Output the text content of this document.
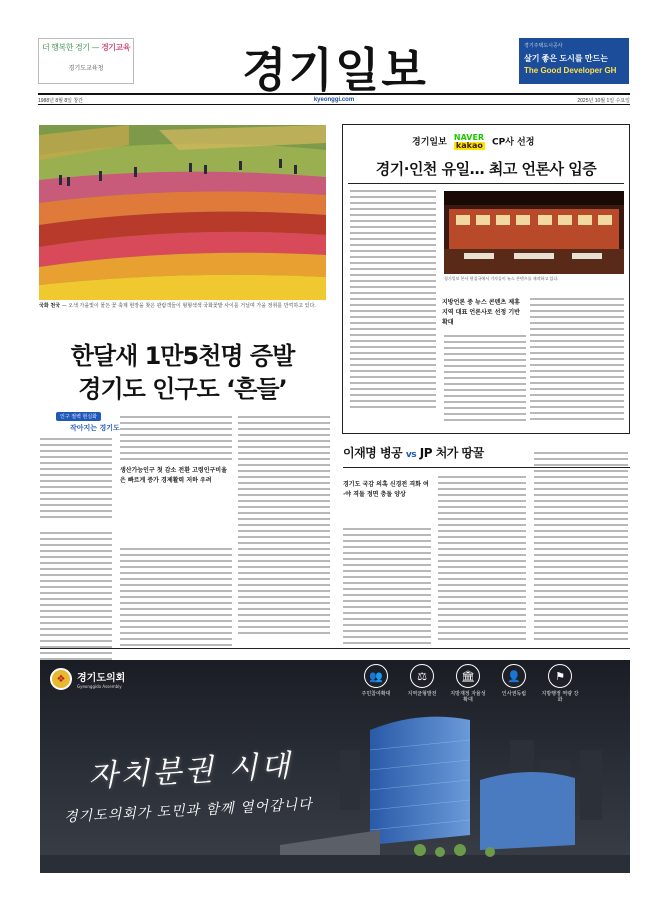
더 행복한 경기 — 경기교육
경기도교육청	경기일보	경기주택도시공사
살기 좋은 도시를 만드는
The Good Developer GH
1988년 8월 8일 창간	kyeonggi.com	2025년 10월 1일 수요일
국화 천국 — 오색 가을빛이 물든 꽃 축제 현장을 찾은 관람객들이 형형색색 국화꽃밭 사이를 거닐며 가을 정취를 만끽하고 있다.
한달새 1만5천명 증발
경기도 인구도 ‘흔들’
경기일보 NAVER
kakao CP사 선정
경기·인천 유일… 최고 언론사 입증
경기일보 본사 편집국에서 기자들이 뉴스 콘텐츠를 제작하고 있다.
지방언론 중 뉴스 콘텐츠 제휴 지역 대표 언론사로 선정 기반 확대
인구 절벽 현실화
작아지는 경기도
생산가능인구 첫 감소 전환 고령인구비율은 빠르게 증가 경제활력 저하 우려
이재명 병공 vs JP 처가 땅꿀
경기도 국감 의혹 신경전 격화 여·야 격돌 정면 충돌 양상
❖	경기도의회
Gyeonggido Assembly
👥
주민참여확대
⚖
지역균형발전
🏛
지방재정 자율성 확대
👤
인사권독립
⚑
지방행정 역량 강화
자치분권 시대
경기도의회가 도민과 함께 열어갑니다
